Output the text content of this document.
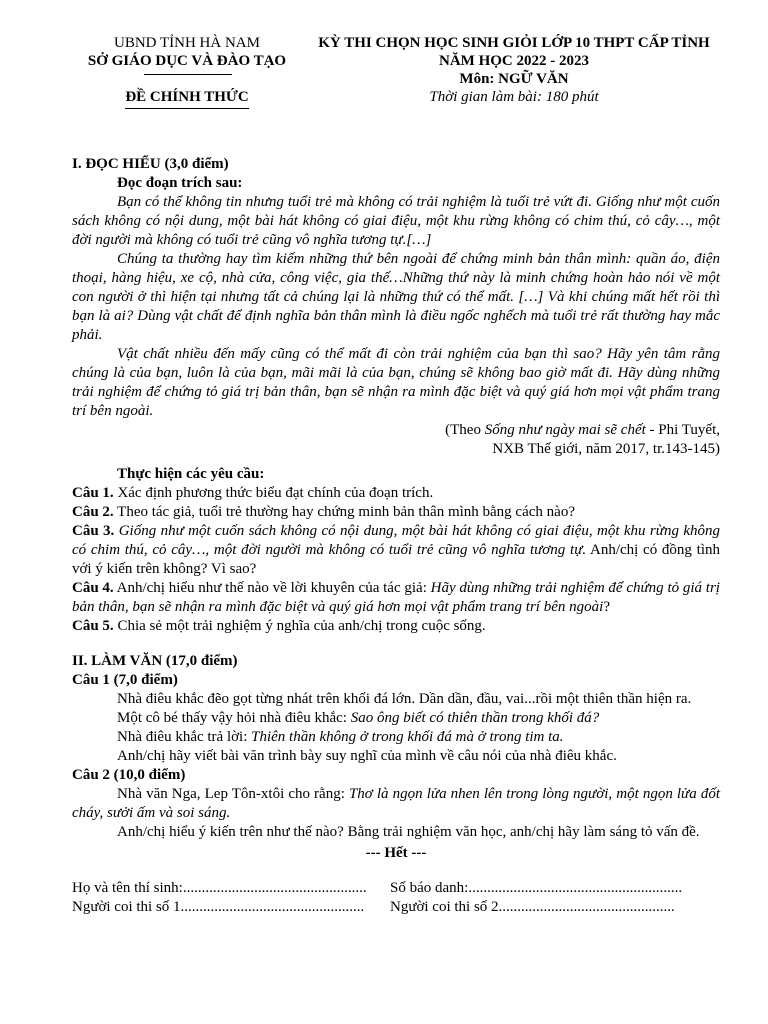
UBND TỈNH HÀ NAM
SỞ GIÁO DỤC VÀ ĐÀO TẠO
ĐỀ CHÍNH THỨC
KỲ THI CHỌN HỌC SINH GIỎI LỚP 10 THPT CẤP TỈNH
NĂM HỌC 2022 - 2023
Môn: NGỮ VĂN
Thời gian làm bài: 180 phút

I. ĐỌC HIỂU (3,0 điểm)

Đọc đoạn trích sau:

Bạn có thể không tin nhưng tuổi trẻ mà không có trải nghiệm là tuổi trẻ vứt đi. Giống như một cuốn sách không có nội dung, một bài hát không có giai điệu, một khu rừng không có chim thú, cỏ cây…, một đời người mà không có tuổi trẻ cũng vô nghĩa tương tự.[…]

Chúng ta thường hay tìm kiếm những thứ bên ngoài để chứng minh bản thân mình: quần áo, điện thoại, hàng hiệu, xe cộ, nhà cửa, công việc, gia thế…Những thứ này là minh chứng hoàn hảo nói về một con người ở thì hiện tại nhưng tất cả chúng lại là những thứ có thể mất. […] Và khi chúng mất hết rồi thì bạn là ai? Dùng vật chất để định nghĩa bản thân mình là điều ngốc nghếch mà tuổi trẻ rất thường hay mắc phải.

Vật chất nhiều đến mấy cũng có thể mất đi còn trải nghiệm của bạn thì sao? Hãy yên tâm rằng chúng là của bạn, luôn là của bạn, mãi mãi là của bạn, chúng sẽ không bao giờ mất đi. Hãy dùng những trải nghiệm để chứng tỏ giá trị bản thân, bạn sẽ nhận ra mình đặc biệt và quý giá hơn mọi vật phẩm trang trí bên ngoài.

(Theo Sống như ngày mai sẽ chết - Phi Tuyết,

NXB Thế giới, năm 2017, tr.143-145)

Thực hiện các yêu cầu:

Câu 1. Xác định phương thức biểu đạt chính của đoạn trích.

Câu 2. Theo tác giả, tuổi trẻ thường hay chứng minh bản thân mình bằng cách nào?

Câu 3. Giống như một cuốn sách không có nội dung, một bài hát không có giai điệu, một khu rừng không có chim thú, cỏ cây…, một đời người mà không có tuổi trẻ cũng vô nghĩa tương tự. Anh/chị có đồng tình với ý kiến trên không? Vì sao?

Câu 4. Anh/chị hiểu như thế nào về lời khuyên của tác giả: Hãy dùng những trải nghiệm để chứng tỏ giá trị bản thân, bạn sẽ nhận ra mình đặc biệt và quý giá hơn mọi vật phẩm trang trí bên ngoài?

Câu 5. Chia sẻ một trải nghiệm ý nghĩa của anh/chị trong cuộc sống.

II. LÀM VĂN (17,0 điểm)

Câu 1 (7,0 điểm)

Nhà điêu khắc đẽo gọt từng nhát trên khối đá lớn. Dần dần, đầu, vai...rồi một thiên thần hiện ra.

Một cô bé thấy vậy hỏi nhà điêu khắc: Sao ông biết có thiên thần trong khối đá?

Nhà điêu khắc trả lời: Thiên thần không ở trong khối đá mà ở trong tim ta.

Anh/chị hãy viết bài văn trình bày suy nghĩ của mình về câu nói của nhà điêu khắc.

Câu 2 (10,0 điểm)

Nhà văn Nga, Lep Tôn-xtôi cho rằng: Thơ là ngọn lửa nhen lên trong lòng người, một ngọn lửa đốt cháy, sưởi ấm và soi sáng.

Anh/chị hiểu ý kiến trên như thế nào? Bằng trải nghiệm văn học, anh/chị hãy làm sáng tỏ vấn đề.

--- Hết ---

Họ và tên thí sinh:.................................................	Số báo danh:.........................................................
Người coi thi số 1.................................................	Người coi thi số 2...............................................
